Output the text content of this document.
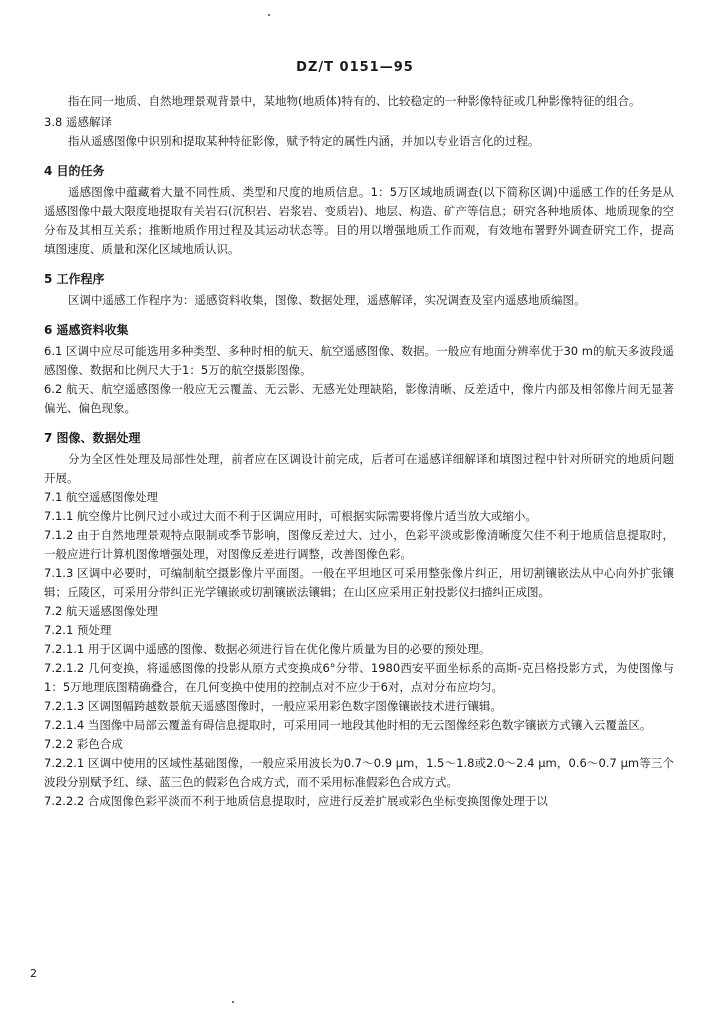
DZ/T 0151—95

指在同一地质、自然地理景观背景中，某地物(地质体)特有的、比较稳定的一种影像特征或几种影像特征的组合。

3.8 遥感解译

指从遥感图像中识别和提取某种特征影像，赋予特定的属性内涵，并加以专业语言化的过程。

4 目的任务

遥感图像中蕴藏着大量不同性质、类型和尺度的地质信息。1：5万区域地质调查(以下简称区调)中遥感工作的任务是从遥感图像中最大限度地提取有关岩石(沉积岩、岩浆岩、变质岩)、地层、构造、矿产等信息；研究各种地质体、地质现象的空分布及其相互关系；推断地质作用过程及其运动状态等。目的用以增强地质工作而观，有效地布署野外调查研究工作，提高填图速度、质量和深化区域地质认识。

5 工作程序

区调中遥感工作程序为：遥感资料收集，图像、数据处理，遥感解译，实况调查及室内遥感地质编图。

6 遥感资料收集

6.1 区调中应尽可能选用多种类型、多种时相的航天、航空遥感图像、数据。一般应有地面分辨率优于30 m的航天多波段遥感图像、数据和比例尺大于1：5万的航空摄影图像。

6.2 航天、航空遥感图像一般应无云覆盖、无云影、无感光处理缺陷，影像清晰、反差适中，像片内部及相邻像片间无显著偏光、偏色现象。

7 图像、数据处理

分为全区性处理及局部性处理，前者应在区调设计前完成，后者可在遥感详细解译和填图过程中针对所研究的地质问题开展。

7.1 航空遥感图像处理

7.1.1 航空像片比例尺过小或过大而不利于区调应用时，可根据实际需要将像片适当放大或缩小。

7.1.2 由于自然地理景观特点限制或季节影响，图像反差过大、过小，色彩平淡或影像清晰度欠佳不利于地质信息提取时，一般应进行计算机图像增强处理，对图像反差进行调整，改善图像色彩。

7.1.3 区调中必要时，可编制航空摄影像片平面图。一般在平坦地区可采用整张像片纠正，用切割镶嵌法从中心向外扩张镶辑；丘陵区，可采用分带纠正光学镶嵌或切割镶嵌法镶辑；在山区应采用正射投影仪扫描纠正成图。

7.2 航天遥感图像处理

7.2.1 预处理

7.2.1.1 用于区调中遥感的图像、数据必须进行旨在优化像片质量为目的必要的预处理。

7.2.1.2 几何变换，将遥感图像的投影从原方式变换成6°分带、1980西安平面坐标系的高斯-克吕格投影方式，为使图像与1：5万地理底图精确叠合，在几何变换中使用的控制点对不应少于6对，点对分布应均匀。

7.2.1.3 区调图幅跨越数景航天遥感图像时，一般应采用彩色数字图像镶嵌技术进行镶辑。

7.2.1.4 当图像中局部云覆盖有碍信息提取时，可采用同一地段其他时相的无云图像经彩色数字镶嵌方式镶入云覆盖区。

7.2.2 彩色合成

7.2.2.1 区调中使用的区域性基础图像，一般应采用波长为0.7～0.9 μm，1.5～1.8或2.0～2.4 μm，0.6～0.7 μm等三个波段分别赋予红、绿、蓝三色的假彩色合成方式，而不采用标准假彩色合成方式。

7.2.2.2 合成图像色彩平淡而不利于地质信息提取时，应进行反差扩展或彩色坐标变换图像处理于以

2
